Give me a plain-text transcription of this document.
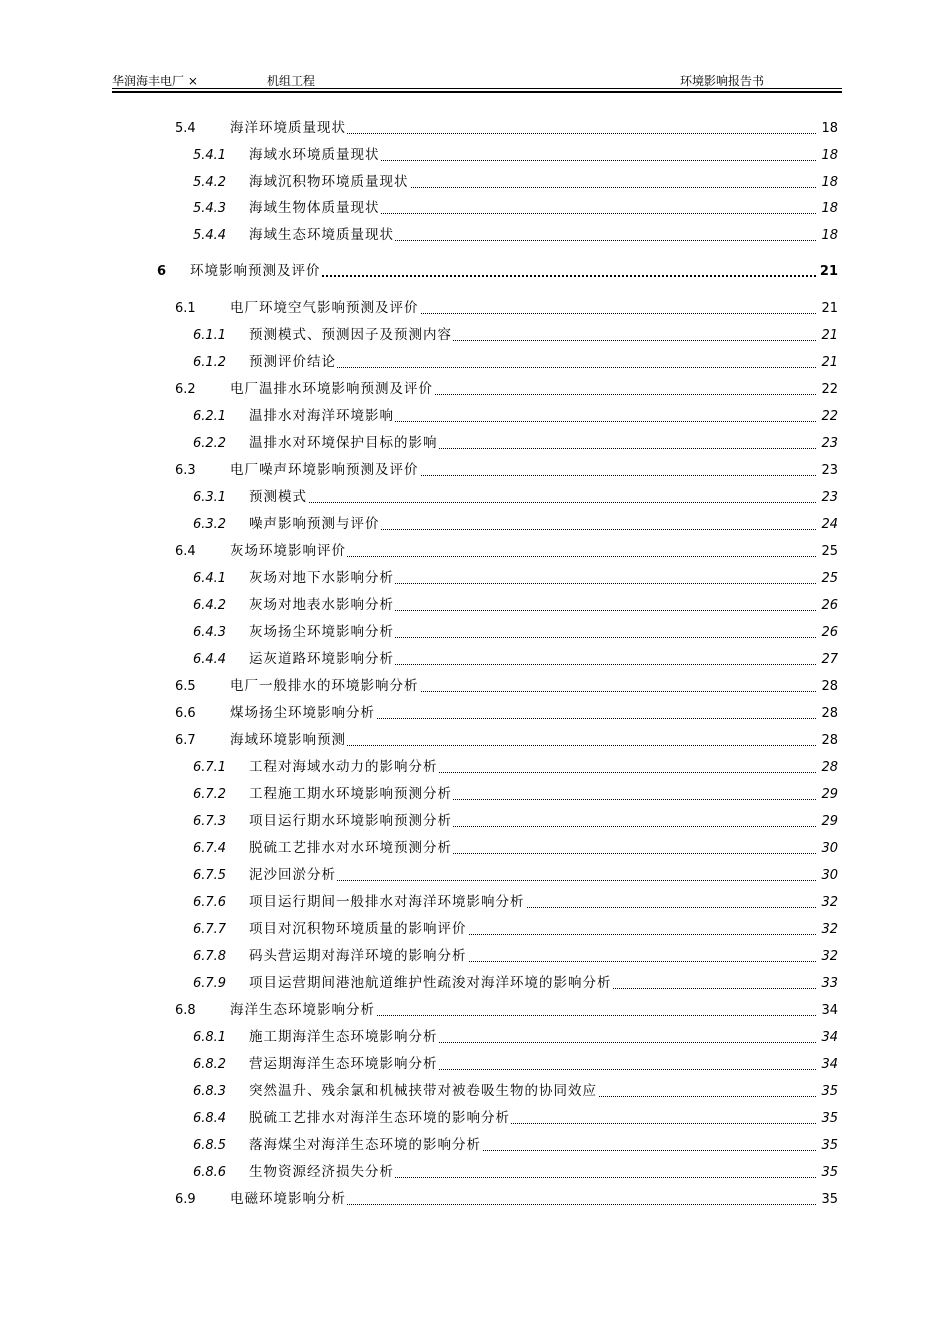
华润海丰电厂 ×	机组工程	环境影响报告书
5.4	海洋环境质量现状	18
5.4.1 海域水环境质量现状	18
5.4.2 海域沉积物环境质量现状	18
5.4.3 海域生物体质量现状	18
5.4.4 海域生态环境质量现状	18
6 环境影响预测及评价	21
6.1	电厂环境空气影响预测及评价	21
6.1.1 预测模式、预测因子及预测内容	21
6.1.2 预测评价结论	21
6.2	电厂温排水环境影响预测及评价	22
6.2.1 温排水对海洋环境影响	22
6.2.2 温排水对环境保护目标的影响	23
6.3	电厂噪声环境影响预测及评价	23
6.3.1 预测模式	23
6.3.2 噪声影响预测与评价	24
6.4	灰场环境影响评价	25
6.4.1 灰场对地下水影响分析	25
6.4.2 灰场对地表水影响分析	26
6.4.3 灰场扬尘环境影响分析	26
6.4.4 运灰道路环境影响分析	27
6.5	电厂一般排水的环境影响分析	28
6.6	煤场扬尘环境影响分析	28
6.7	海域环境影响预测	28
6.7.1 工程对海域水动力的影响分析	28
6.7.2 工程施工期水环境影响预测分析	29
6.7.3 项目运行期水环境影响预测分析	29
6.7.4 脱硫工艺排水对水环境预测分析	30
6.7.5 泥沙回淤分析	30
6.7.6 项目运行期间一般排水对海洋环境影响分析	32
6.7.7 项目对沉积物环境质量的影响评价	32
6.7.8 码头营运期对海洋环境的影响分析	32
6.7.9 项目运营期间港池航道维护性疏浚对海洋环境的影响分析	33
6.8	海洋生态环境影响分析	34
6.8.1 施工期海洋生态环境影响分析	34
6.8.2 营运期海洋生态环境影响分析	34
6.8.3 突然温升、残余氯和机械挟带对被卷吸生物的协同效应	35
6.8.4 脱硫工艺排水对海洋生态环境的影响分析	35
6.8.5 落海煤尘对海洋生态环境的影响分析	35
6.8.6 生物资源经济损失分析	35
6.9	电磁环境影响分析	35
